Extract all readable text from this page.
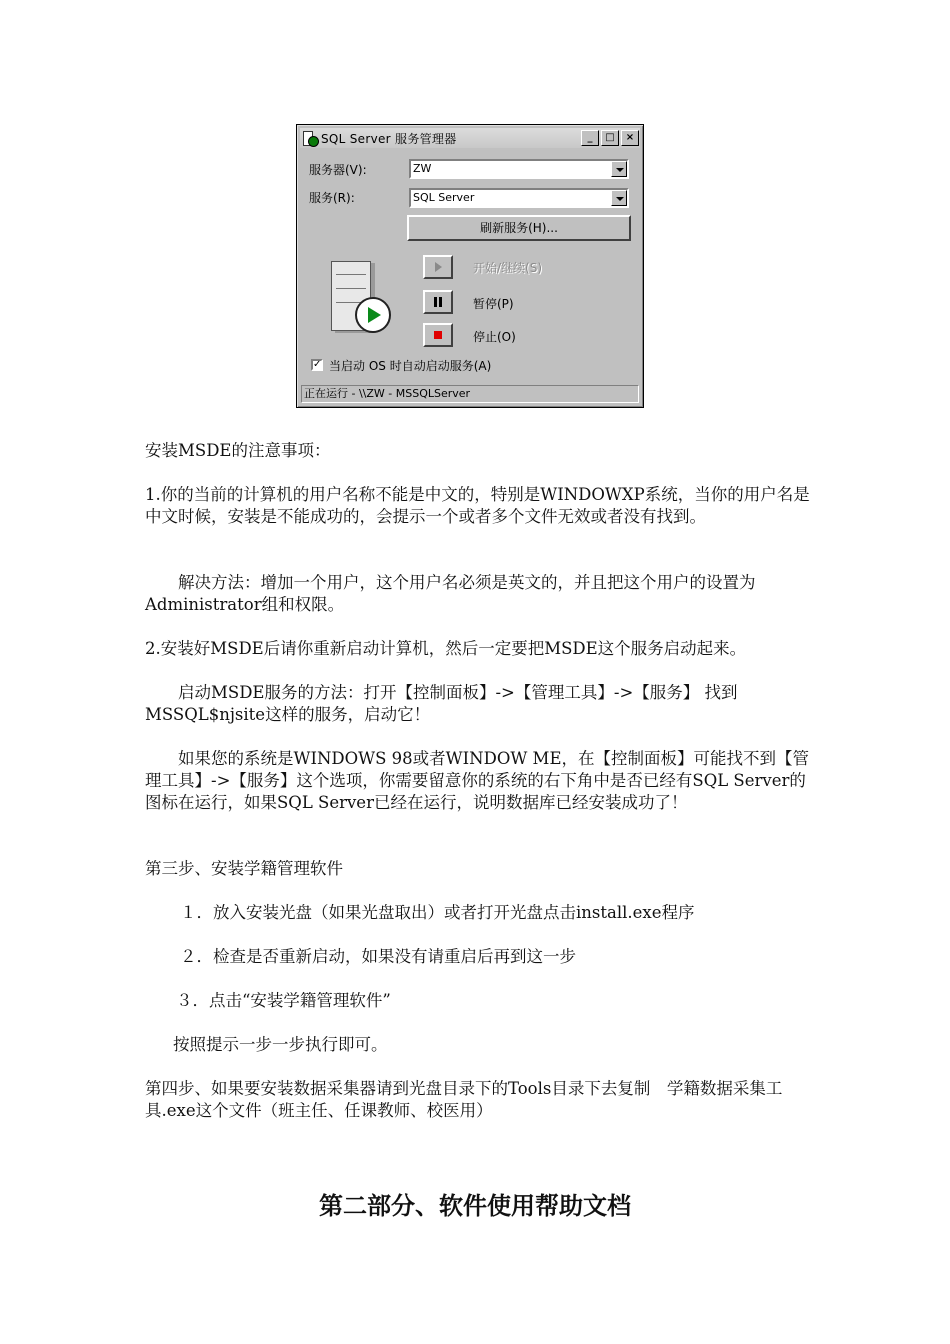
SQL Server 服务管理器	_	□	×
服务器(V):	ZW
服务(R):	SQL Server
刷新服务(H)...
开始/继续(S)
暂停(P)
停止(O)
✓ 当启动 OS 时自动启动服务(A)
正在运行 - \\ZW - MSSQLServer

安装MSDE的注意事项：

1.你的当前的计算机的用户名称不能是中文的，特别是WINDOWXP系统，当你的用户名是中文时候，安装是不能成功的，会提示一个或者多个文件无效或者没有找到。

解决方法：增加一个用户，这个用户名必须是英文的，并且把这个用户的设置为Administrator组和权限。

2.安装好MSDE后请你重新启动计算机，然后一定要把MSDE这个服务启动起来。

启动MSDE服务的方法：打开【控制面板】->【管理工具】->【服务】 找到MSSQL$njsite这样的服务，启动它！

如果您的系统是WINDOWS 98或者WINDOW ME，在【控制面板】可能找不到【管理工具】->【服务】这个选项，你需要留意你的系统的右下角中是否已经有SQL Server的图标在运行，如果SQL Server已经在运行，说明数据库已经安装成功了！

第三步、安装学籍管理软件

１．放入安装光盘（如果光盘取出）或者打开光盘点击install.exe程序
２．检查是否重新启动，如果没有请重启后再到这一步
３．点击“安装学籍管理软件”
按照提示一步一步执行即可。

第四步、如果要安装数据采集器请到光盘目录下的Tools目录下去复制　学籍数据采集工具.exe这个文件（班主任、任课教师、校医用）

第二部分、软件使用帮助文档
